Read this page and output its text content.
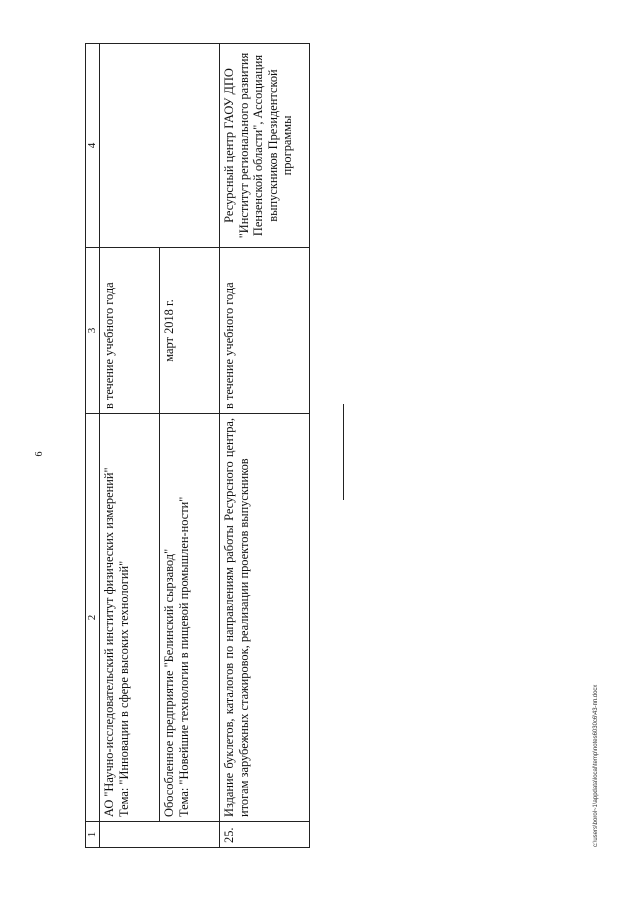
6
1	2	3	4

	АО "Научно-исследовательский институт физических измерений" Тема: "Инновации в сфере высоких технологий"	в течение учебного года	

	Обособленное предприятие "Белинский сырзавод" Тема: "Новейшие технологии в пищевой промышлен-ности"	март 2018 г.	
25.	Издание буклетов, каталогов по направлениям работы Ресурсного центра, итогам зарубежных стажировок, реализации проектов выпускников	в течение учебного года	Ресурсный центр ГАОУ ДПО "Институт регионального развития Пензенской области", Ассоциация выпускников Президентской программы
c:\users\borol~1\appdata\local\temp\notes6030c6\43-пп.docx
